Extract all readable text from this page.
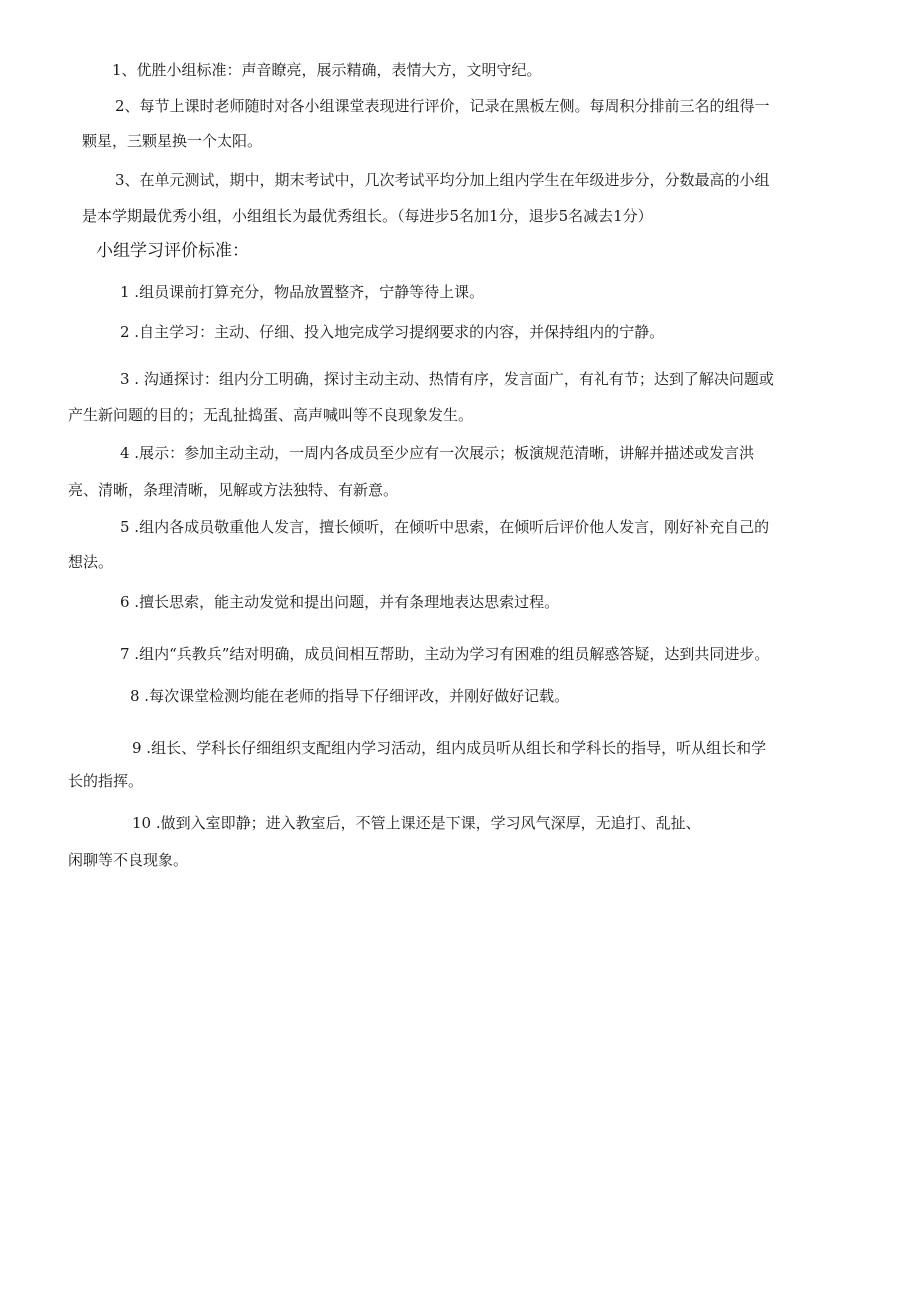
1、优胜小组标准：声音瞭亮，展示精确，表情大方，文明守纪。
2、每节上课时老师随时对各小组课堂表现进行评价，记录在黑板左侧。每周积分排前三名的组得一
颗星，三颗星换一个太阳。
3、在单元测试，期中，期末考试中，几次考试平均分加上组内学生在年级进步分，分数最高的小组
是本学期最优秀小组，小组组长为最优秀组长。（每进步5名加1分，退步5名减去1分）
小组学习评价标准：
1 .组员课前打算充分，物品放置整齐，宁静等待上课。
2 .自主学习：主动、仔细、投入地完成学习提纲要求的内容，并保持组内的宁静。
3 . 沟通探讨：组内分工明确，探讨主动主动、热情有序，发言面广，有礼有节；达到了解决问题或
产生新问题的目的；无乱扯捣蛋、高声喊叫等不良现象发生。
4 .展示：参加主动主动，一周内各成员至少应有一次展示；板演规范清晰，讲解并描述或发言洪
亮、清晰，条理清晰，见解或方法独特、有新意。
5 .组内各成员敬重他人发言，擅长倾听，在倾听中思索，在倾听后评价他人发言，刚好补充自己的
想法。
6 .擅长思索，能主动发觉和提出问题，并有条理地表达思索过程。
7 .组内“兵教兵”结对明确，成员间相互帮助，主动为学习有困难的组员解惑答疑，达到共同进步。
8 .每次课堂检测均能在老师的指导下仔细评改，并刚好做好记载。
9 .组长、学科长仔细组织支配组内学习活动，组内成员听从组长和学科长的指导，听从组长和学
长的指挥。
10 .做到入室即静；进入教室后，不管上课还是下课，学习风气深厚，无追打、乱扯、
闲聊等不良现象。
